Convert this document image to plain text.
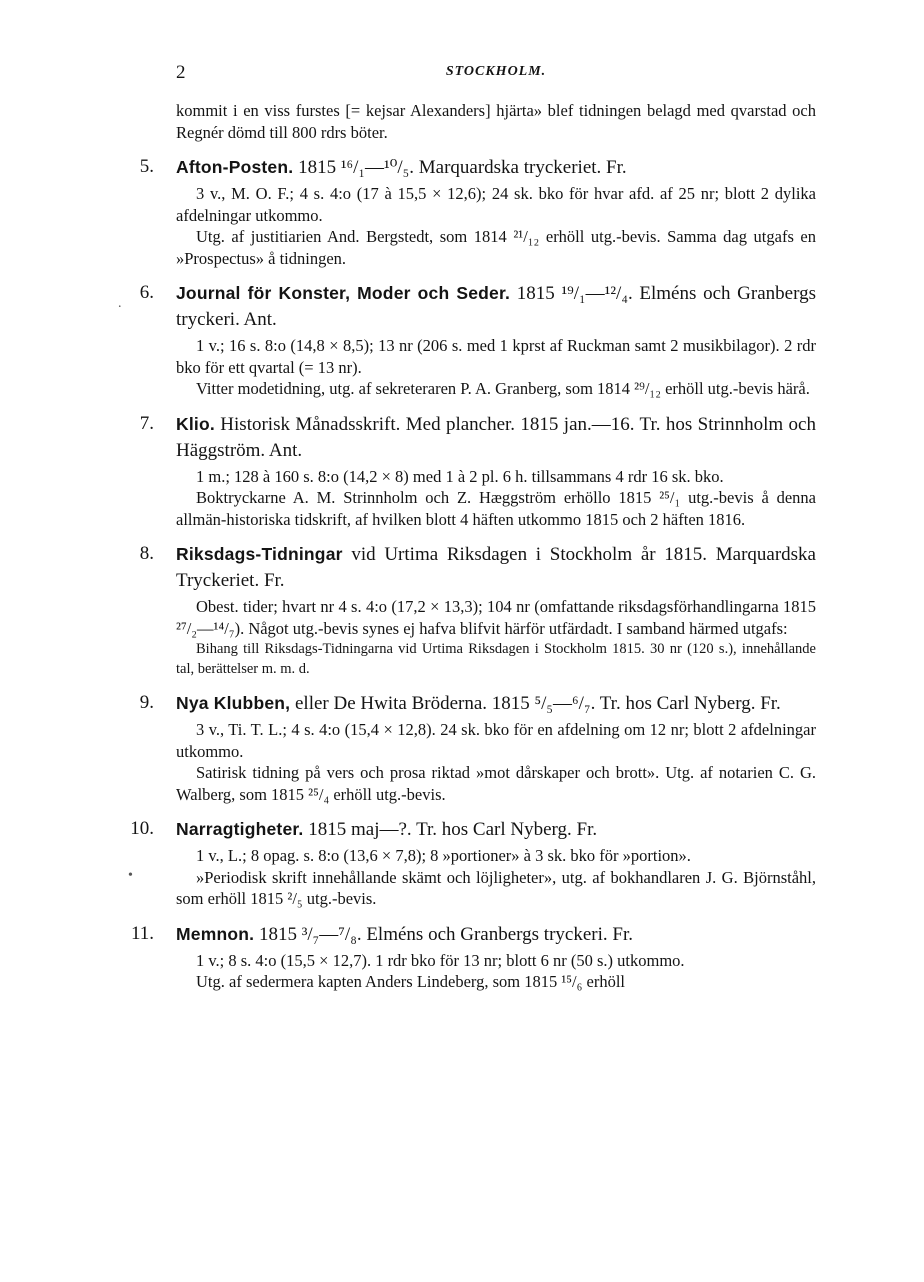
2	STOCKHOLM.
.
•

kommit i en viss furstes [= kejsar Alexanders] hjärta» blef tidningen belagd med qvarstad och Regnér dömd till 800 rdrs böter.

5. Afton-Posten. 1815 ¹⁶/₁—¹⁰/₅. Marquardska tryckeriet. Fr.

3 v., M. O. F.; 4 s. 4:o (17 à 15,5 × 12,6); 24 sk. bko för hvar afd. af 25 nr; blott 2 dylika afdelningar utkommo.

Utg. af justitiarien And. Bergstedt, som 1814 ²¹/₁₂ erhöll utg.-bevis. Samma dag utgafs en »Prospectus» å tidningen.

6. Journal för Konster, Moder och Seder. 1815 ¹⁹/₁—¹²/₄. Elméns och Granbergs tryckeri. Ant.

1 v.; 16 s. 8:o (14,8 × 8,5); 13 nr (206 s. med 1 kprst af Ruckman samt 2 musikbilagor). 2 rdr bko för ett qvartal (= 13 nr).

Vitter modetidning, utg. af sekreteraren P. A. Granberg, som 1814 ²⁹/₁₂ erhöll utg.-bevis härå.

7. Klio. Historisk Månadsskrift. Med plancher. 1815 jan.—16. Tr. hos Strinnholm och Häggström. Ant.

1 m.; 128 à 160 s. 8:o (14,2 × 8) med 1 à 2 pl. 6 h. tillsammans 4 rdr 16 sk. bko.

Boktryckarne A. M. Strinnholm och Z. Hæggström erhöllo 1815 ²⁵/₁ utg.-bevis å denna allmän-historiska tidskrift, af hvilken blott 4 häften utkommo 1815 och 2 häften 1816.

8. Riksdags-Tidningar vid Urtima Riksdagen i Stockholm år 1815. Marquardska Tryckeriet. Fr.

Obest. tider; hvart nr 4 s. 4:o (17,2 × 13,3); 104 nr (omfattande riksdagsförhandlingarna 1815 ²⁷/₂—¹⁴/₇). Något utg.-bevis synes ej hafva blifvit härför utfärdadt. I samband härmed utgafs:

Bihang till Riksdags-Tidningarna vid Urtima Riksdagen i Stockholm 1815. 30 nr (120 s.), innehållande tal, berättelser m. m. d.

9. Nya Klubben, eller De Hwita Bröderna. 1815 ⁵/₅—⁶/₇. Tr. hos Carl Nyberg. Fr.

3 v., Ti. T. L.; 4 s. 4:o (15,4 × 12,8). 24 sk. bko för en afdelning om 12 nr; blott 2 afdelningar utkommo.

Satirisk tidning på vers och prosa riktad »mot dårskaper och brott». Utg. af notarien C. G. Walberg, som 1815 ²⁵/₄ erhöll utg.-bevis.

10. Narragtigheter. 1815 maj—?. Tr. hos Carl Nyberg. Fr.

1 v., L.; 8 opag. s. 8:o (13,6 × 7,8); 8 »portioner» à 3 sk. bko för »portion».

»Periodisk skrift innehållande skämt och löjligheter», utg. af bokhandlaren J. G. Björnståhl, som erhöll 1815 ²/₅ utg.-bevis.

11. Memnon. 1815 ³/₇—⁷/₈. Elméns och Granbergs tryckeri. Fr.

1 v.; 8 s. 4:o (15,5 × 12,7). 1 rdr bko för 13 nr; blott 6 nr (50 s.) utkommo.

Utg. af sedermera kapten Anders Lindeberg, som 1815 ¹⁵/₆ erhöll
